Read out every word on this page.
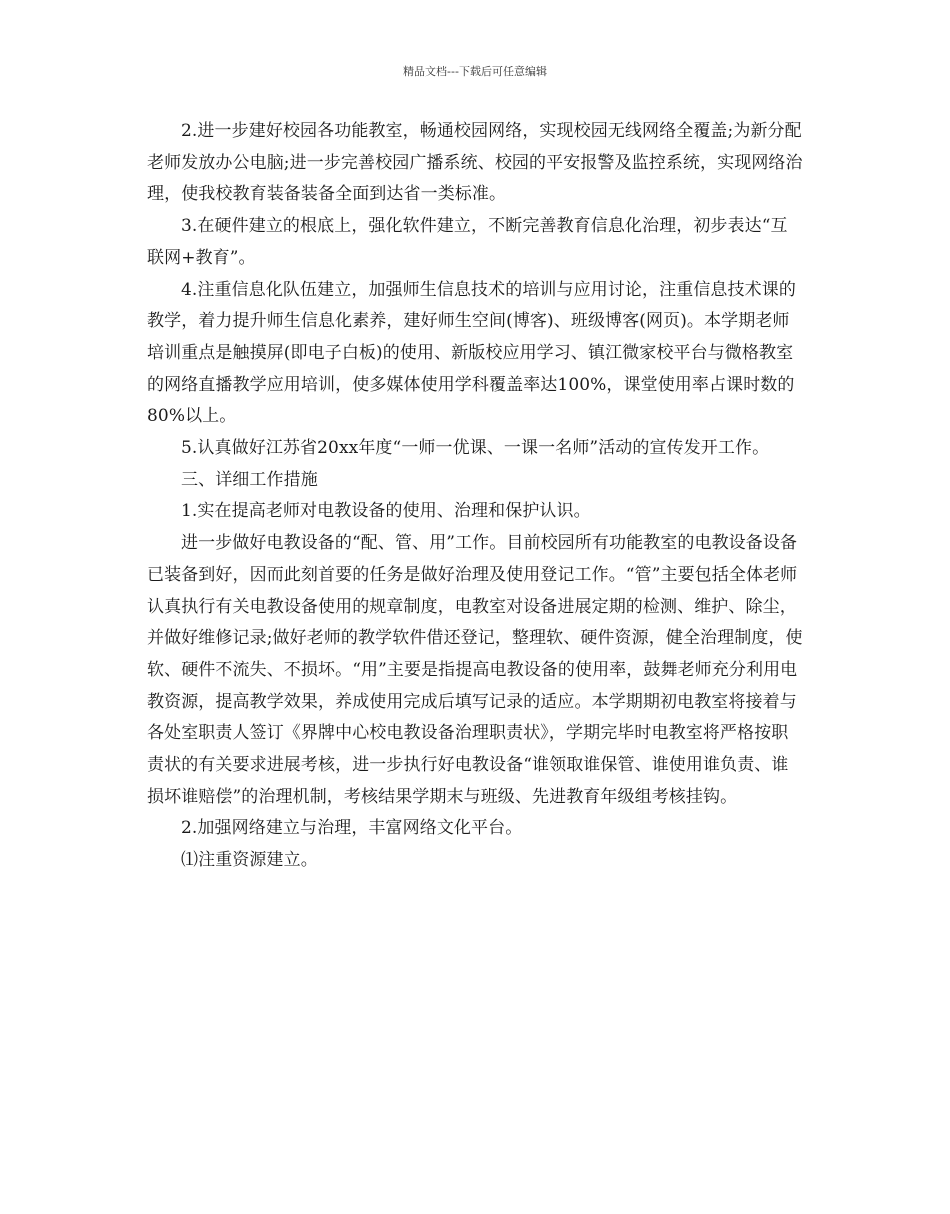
精品文档---下载后可任意编辑

2.进一步建好校园各功能教室，畅通校园网络，实现校园无线网络全覆盖;为新分配老师发放办公电脑;进一步完善校园广播系统、校园的平安报警及监控系统，实现网络治理，使我校教育装备装备全面到达省一类标准。

3.在硬件建立的根底上，强化软件建立，不断完善教育信息化治理，初步表达“互联网+教育”。

4.注重信息化队伍建立，加强师生信息技术的培训与应用讨论，注重信息技术课的教学，着力提升师生信息化素养，建好师生空间(博客)、班级博客(网页)。本学期老师培训重点是触摸屏(即电子白板)的使用、新版校应用学习、镇江微家校平台与微格教室的网络直播教学应用培训，使多媒体使用学科覆盖率达100%，课堂使用率占课时数的80%以上。

5.认真做好江苏省20xx年度“一师一优课、一课一名师”活动的宣传发开工作。

三、详细工作措施

1.实在提高老师对电教设备的使用、治理和保护认识。

进一步做好电教设备的“配、管、用”工作。目前校园所有功能教室的电教设备设备已装备到好，因而此刻首要的任务是做好治理及使用登记工作。“管”主要包括全体老师认真执行有关电教设备使用的规章制度，电教室对设备进展定期的检测、维护、除尘，并做好维修记录;做好老师的教学软件借还登记，整理软、硬件资源，健全治理制度，使软、硬件不流失、不损坏。“用”主要是指提高电教设备的使用率，鼓舞老师充分利用电教资源，提高教学效果，养成使用完成后填写记录的适应。本学期期初电教室将接着与各处室职责人签订《界牌中心校电教设备治理职责状》，学期完毕时电教室将严格按职责状的有关要求进展考核，进一步执行好电教设备“谁领取谁保管、谁使用谁负责、谁损坏谁赔偿”的治理机制，考核结果学期末与班级、先进教育年级组考核挂钩。

2.加强网络建立与治理，丰富网络文化平台。

⑴注重资源建立。
